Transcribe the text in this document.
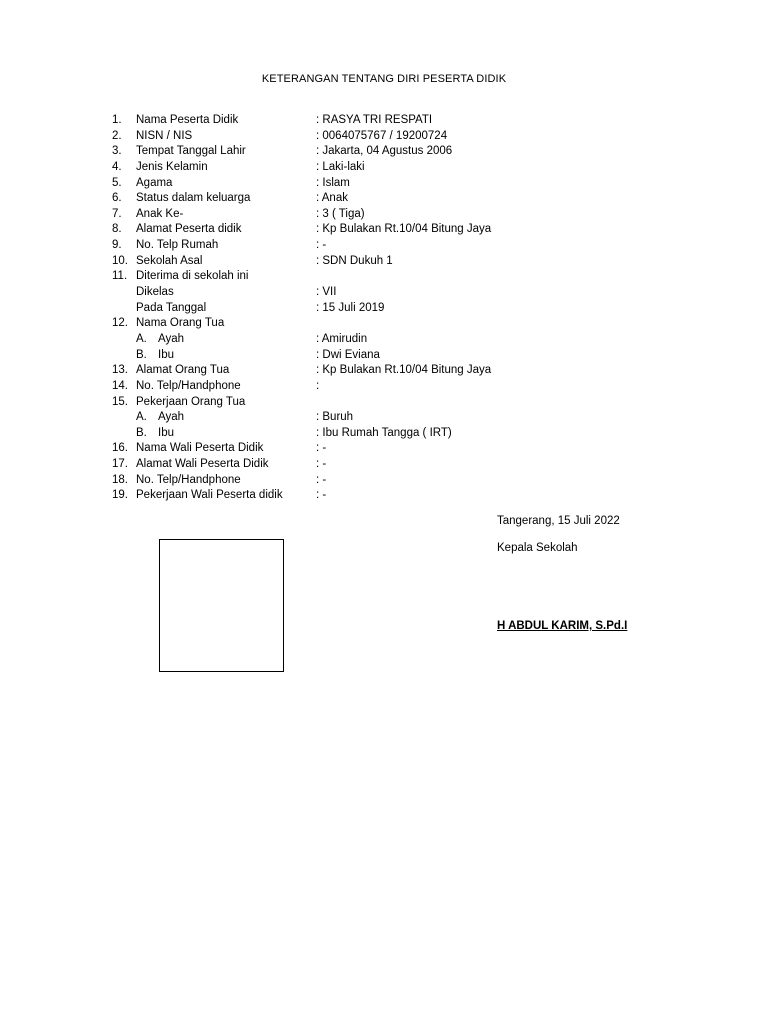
KETERANGAN TENTANG DIRI PESERTA DIDIK
1.	Nama Peserta Didik	: RASYA TRI RESPATI
2.	NISN / NIS	: 0064075767 / 19200724
3.	Tempat Tanggal Lahir	: Jakarta, 04 Agustus 2006
4.	Jenis Kelamin	: Laki-laki
5.	Agama	: Islam
6.	Status dalam keluarga	: Anak
7.	Anak Ke-	: 3 ( Tiga)
8.	Alamat Peserta didik	: Kp Bulakan Rt.10/04 Bitung Jaya
9.	No. Telp Rumah	: -
10. Sekolah Asal	: SDN Dukuh 1
11. Diterima di sekolah ini
Dikelas	: VII
Pada Tanggal	: 15 Juli 2019
12. Nama Orang Tua
A. Ayah	: Amirudin
B. Ibu	: Dwi Eviana
13. Alamat Orang Tua	: Kp Bulakan Rt.10/04 Bitung Jaya
14. No. Telp/Handphone	:
15. Pekerjaan Orang Tua
A. Ayah	: Buruh
B. Ibu	: Ibu Rumah Tangga ( IRT)
16. Nama Wali Peserta Didik	: -
17. Alamat Wali Peserta Didik	: -
18. No. Telp/Handphone	: -
19. Pekerjaan Wali Peserta didik	: -
Tangerang, 15 Juli 2022
Kepala Sekolah
H ABDUL KARIM, S.Pd.I
